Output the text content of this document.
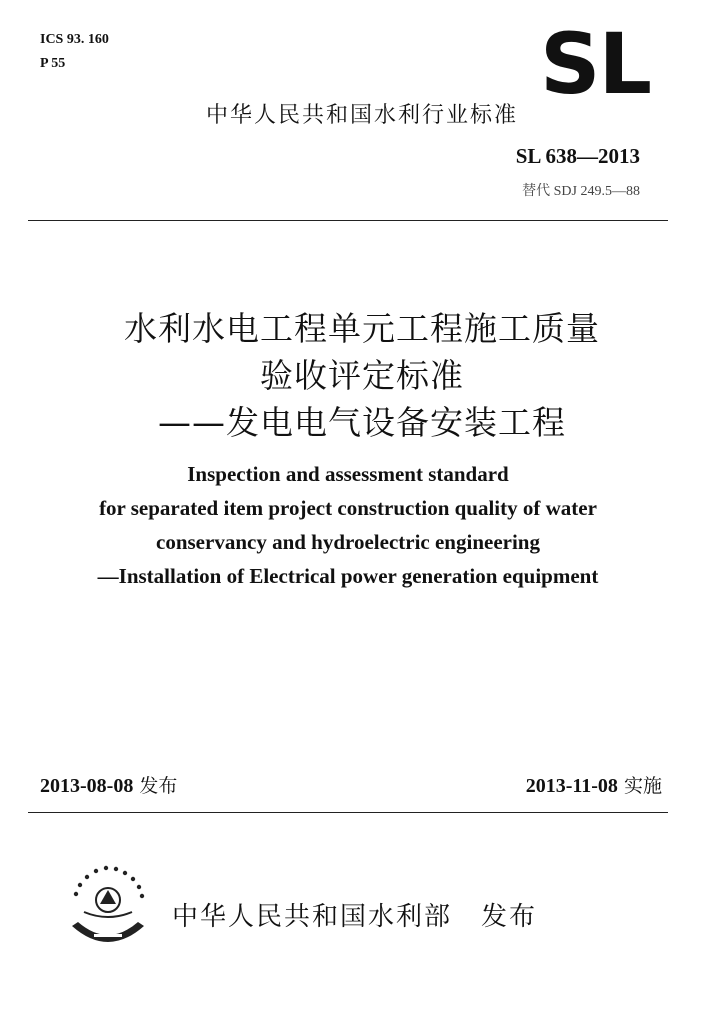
ICS 93. 160
P 55	SL
中华人民共和国水利行业标准
SL 638—2013
替代 SDJ 249.5—88
水利水电工程单元工程施工质量
验收评定标准
——发电电气设备安装工程
Inspection and assessment standard
for separated item project construction quality of water
conservancy and hydroelectric engineering
—Installation of Electrical power generation equipment
2013-08-08 发布	2013-11-08 实施
中华人民共和国水利部 发布
